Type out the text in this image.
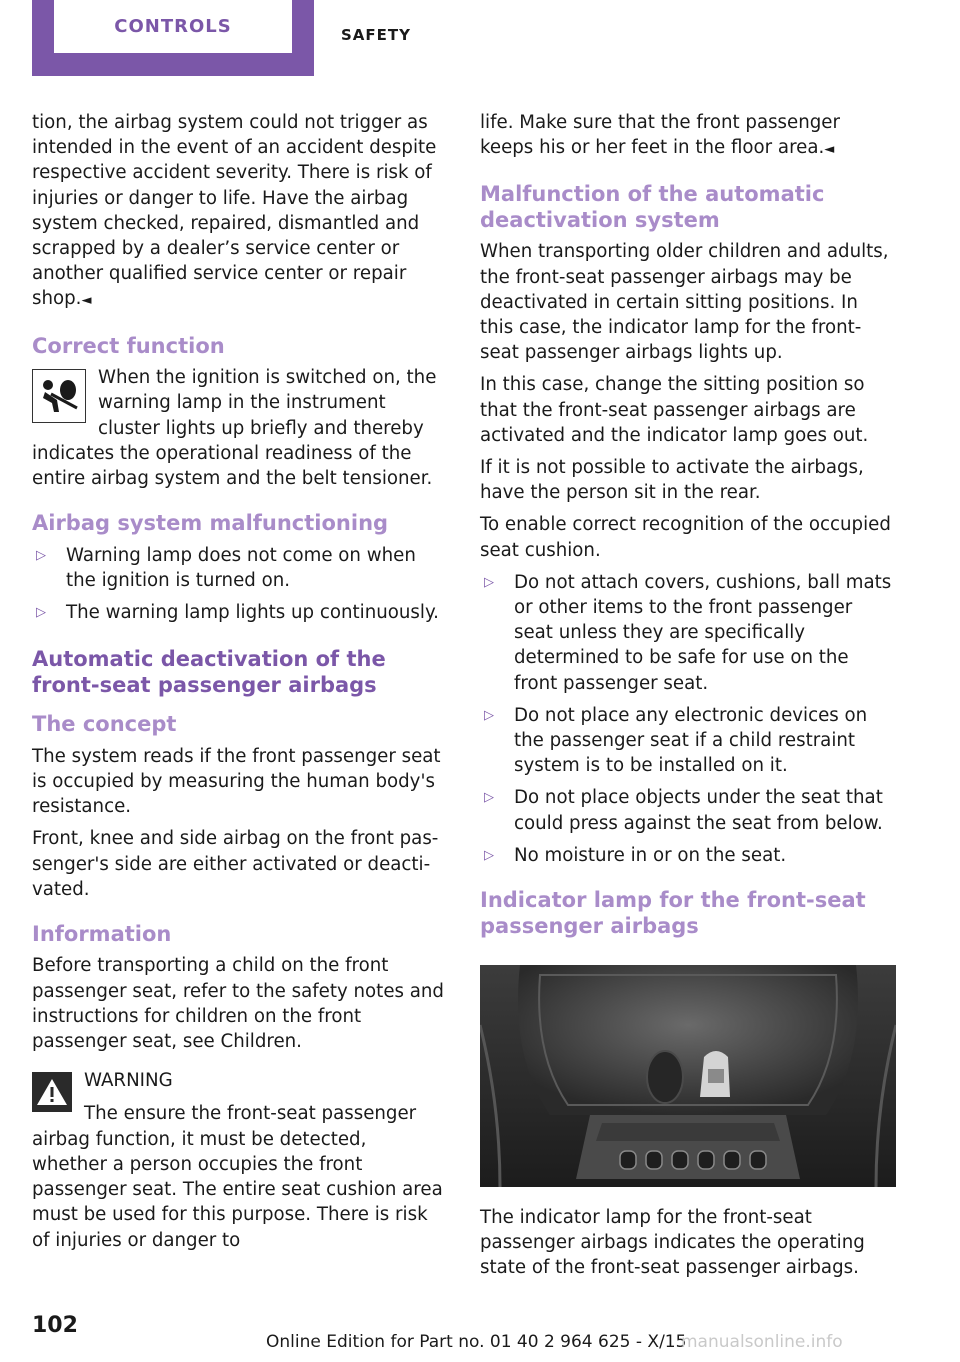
CONTROLS	SAFETY

tion, the airbag system could not trigger as intended in the event of an accident despite respective accident severity. There is risk of injuries or danger to life. Have the airbag system checked, repaired, dismantled and scrapped by a dealer’s service center or another qualified service center or repair shop.◄

Correct function

When the ignition is switched on, the warning lamp in the instrument cluster lights up briefly and thereby indicates the operational readiness of the entire airbag system and the belt tensioner.

Airbag system malfunctioning
▷ Warning lamp does not come on when the ignition is turned on.
▷ The warning lamp lights up continuously.
Automatic deactivation of the front-seat passenger airbags
The concept

The system reads if the front passenger seat is occupied by measuring the human body's resistance.

Front, knee and side airbag on the front passenger's side are either activated or deactivated.

Information

Before transporting a child on the front passenger seat, refer to the safety notes and instructions for children on the front passenger seat, see Children.

WARNING

The ensure the front-seat passenger airbag function, it must be detected, whether a person occupies the front passenger seat. The entire seat cushion area must be used for this purpose. There is risk of injuries or danger to

life. Make sure that the front passenger keeps his or her feet in the floor area.◄

Malfunction of the automatic deactivation system

When transporting older children and adults, the front-seat passenger airbags may be deactivated in certain sitting positions. In this case, the indicator lamp for the front-seat passenger airbags lights up.

In this case, change the sitting position so that the front-seat passenger airbags are activated and the indicator lamp goes out.

If it is not possible to activate the airbags, have the person sit in the rear.

To enable correct recognition of the occupied seat cushion.

▷ Do not attach covers, cushions, ball mats or other items to the front passenger seat unless they are specifically determined to be safe for use on the front passenger seat.
▷ Do not place any electronic devices on the passenger seat if a child restraint system is to be installed on it.
▷ Do not place objects under the seat that could press against the seat from below.
▷ No moisture in or on the seat.
Indicator lamp for the front-seat passenger airbags

The indicator lamp for the front-seat passenger airbags indicates the operating state of the front-seat passenger airbags.

102
Online Edition for Part no. 01 40 2 964 625 - X/15
manualsonline.info
